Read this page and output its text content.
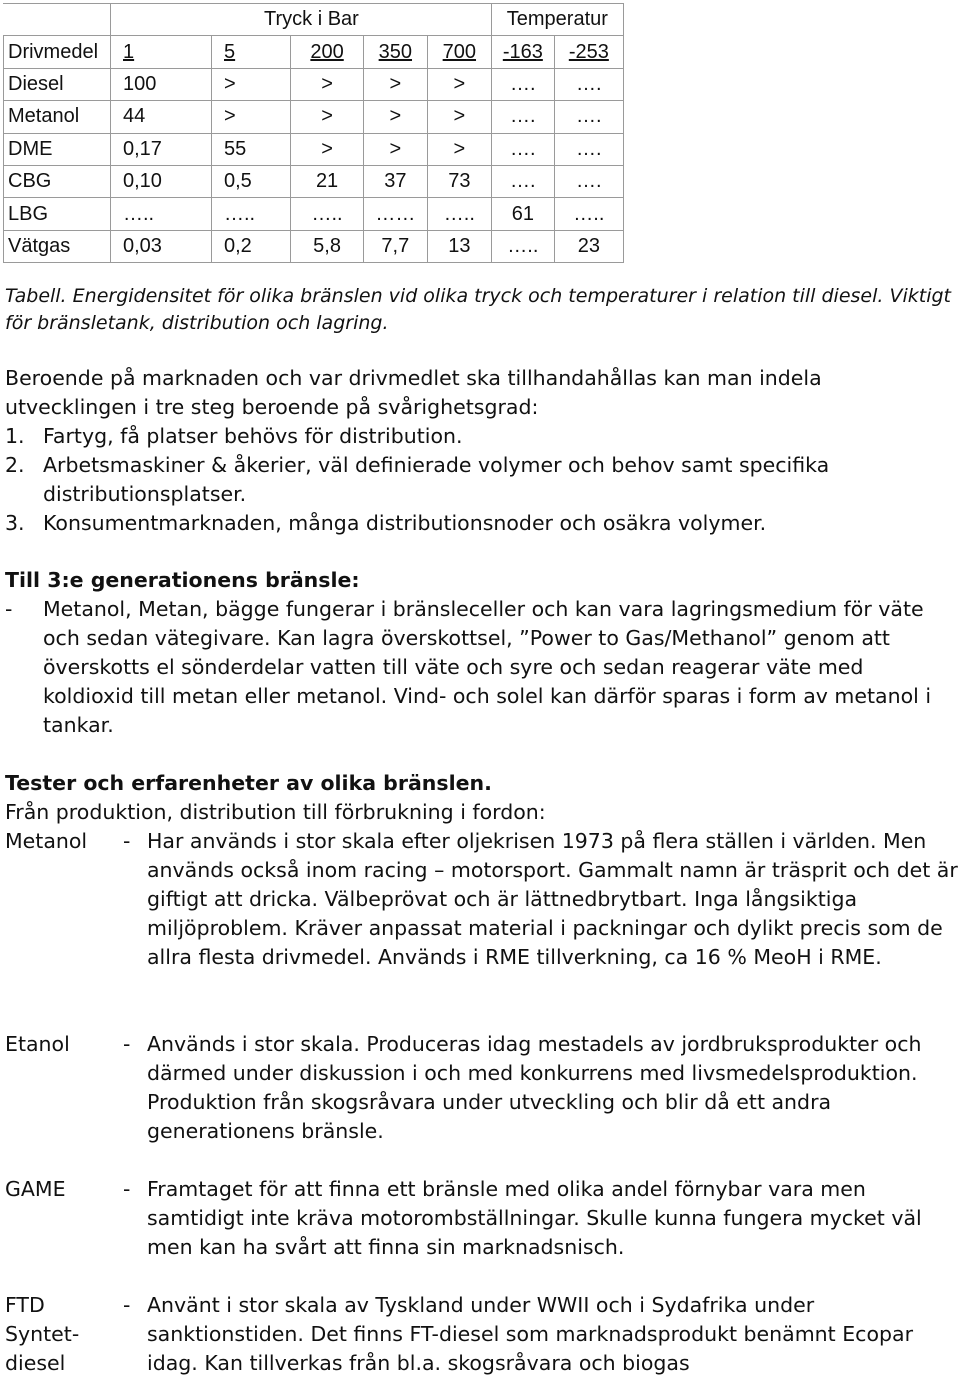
		Tryck i Bar				Temperatur	
Drivmedel	1	5	200	350	700	-163	-253
Diesel	100	>	>	>	>	….	….
Metanol	44	>	>	>	>	….	….
DME	0,17	55	>	>	>	….	….
CBG	0,10	0,5	21	37	73	….	….
LBG	…..	…..	…..	……	…..	61	…..
Vätgas	0,03	0,2	5,8	7,7	13	…..	23
Tabell. Energidensitet för olika bränslen vid olika tryck och temperaturer i relation till diesel. Viktigt för bränsletank, distribution och lagring.
Beroende på marknaden och var drivmedlet ska tillhandahållas kan man indela utvecklingen i tre steg beroende på svårighetsgrad:
1. Fartyg, få platser behövs för distribution.
2. Arbetsmaskiner & åkerier, väl definierade volymer och behov samt specifika distributionsplatser.
3. Konsumentmarknaden, många distributionsnoder och osäkra volymer.
Till 3:e generationens bränsle:
-	Metanol, Metan, bägge fungerar i bränsleceller och kan vara lagringsmedium för väte och sedan vätegivare. Kan lagra överskottsel, ”Power to Gas/Methanol” genom att överskotts el sönderdelar vatten till väte och syre och sedan reagerar väte med koldioxid till metan eller metanol. Vind- och solel kan därför sparas i form av metanol i tankar.
Tester och erfarenheter av olika bränslen.
Från produktion, distribution till förbrukning i fordon:
Metanol	- Har används i stor skala efter oljekrisen 1973 på flera ställen i världen. Men används också inom racing – motorsport. Gammalt namn är träsprit och det är giftigt att dricka. Välbeprövat och är lättnedbrytbart. Inga långsiktiga miljöproblem. Kräver anpassat material i packningar och dylikt precis som de allra flesta drivmedel. Används i RME tillverkning, ca 16 % MeoH i RME.
Etanol	- Används i stor skala. Produceras idag mestadels av jordbruksprodukter och därmed under diskussion i och med konkurrens med livsmedelsproduktion. Produktion från skogsråvara under utveckling och blir då ett andra generationens bränsle.
GAME	- Framtaget för att finna ett bränsle med olika andel förnybar vara men samtidigt inte kräva motorombställningar. Skulle kunna fungera mycket väl men kan ha svårt att finna sin marknadsnisch.
FTD Syntet-diesel
- Använt i stor skala av Tyskland under WWII och i Sydafrika under sanktionstiden. Det finns FT-diesel som marknadsprodukt benämnt Ecopar idag. Kan tillverkas från bl.a. skogsråvara och biogas
